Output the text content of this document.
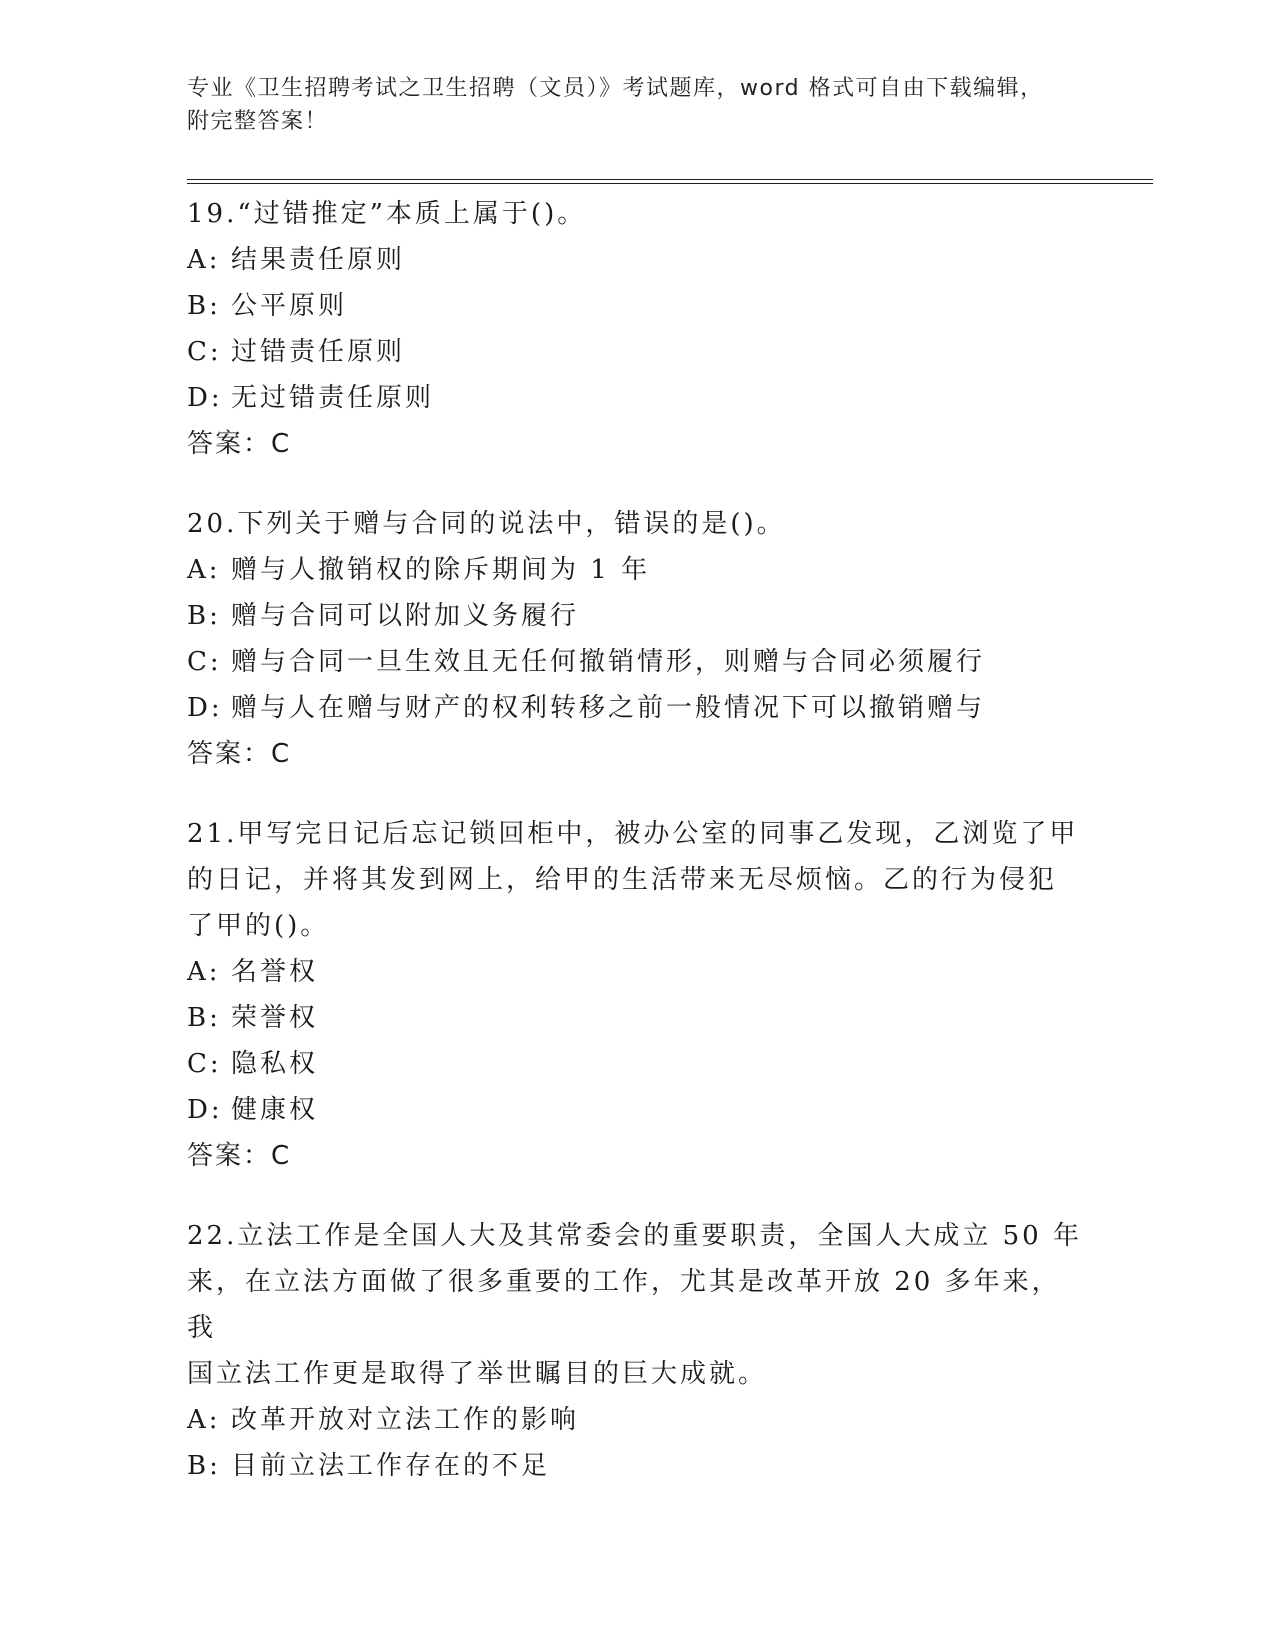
专业《卫生招聘考试之卫生招聘（文员）》考试题库，word 格式可自由下载编辑，附完整答案！
19.“过错推定”本质上属于()。
A: 结果责任原则
B: 公平原则
C: 过错责任原则
D: 无过错责任原则
答案：C
20.下列关于赠与合同的说法中，错误的是()。
A: 赠与人撤销权的除斥期间为 1 年
B: 赠与合同可以附加义务履行
C: 赠与合同一旦生效且无任何撤销情形，则赠与合同必须履行
D: 赠与人在赠与财产的权利转移之前一般情况下可以撤销赠与
答案：C
21.甲写完日记后忘记锁回柜中，被办公室的同事乙发现，乙浏览了甲
的日记，并将其发到网上，给甲的生活带来无尽烦恼。乙的行为侵犯
了甲的()。
A: 名誉权
B: 荣誉权
C: 隐私权
D: 健康权
答案：C
22.立法工作是全国人大及其常委会的重要职责，全国人大成立 50 年
来，在立法方面做了很多重要的工作，尤其是改革开放 20 多年来，我
国立法工作更是取得了举世瞩目的巨大成就。
A: 改革开放对立法工作的影响
B: 目前立法工作存在的不足
